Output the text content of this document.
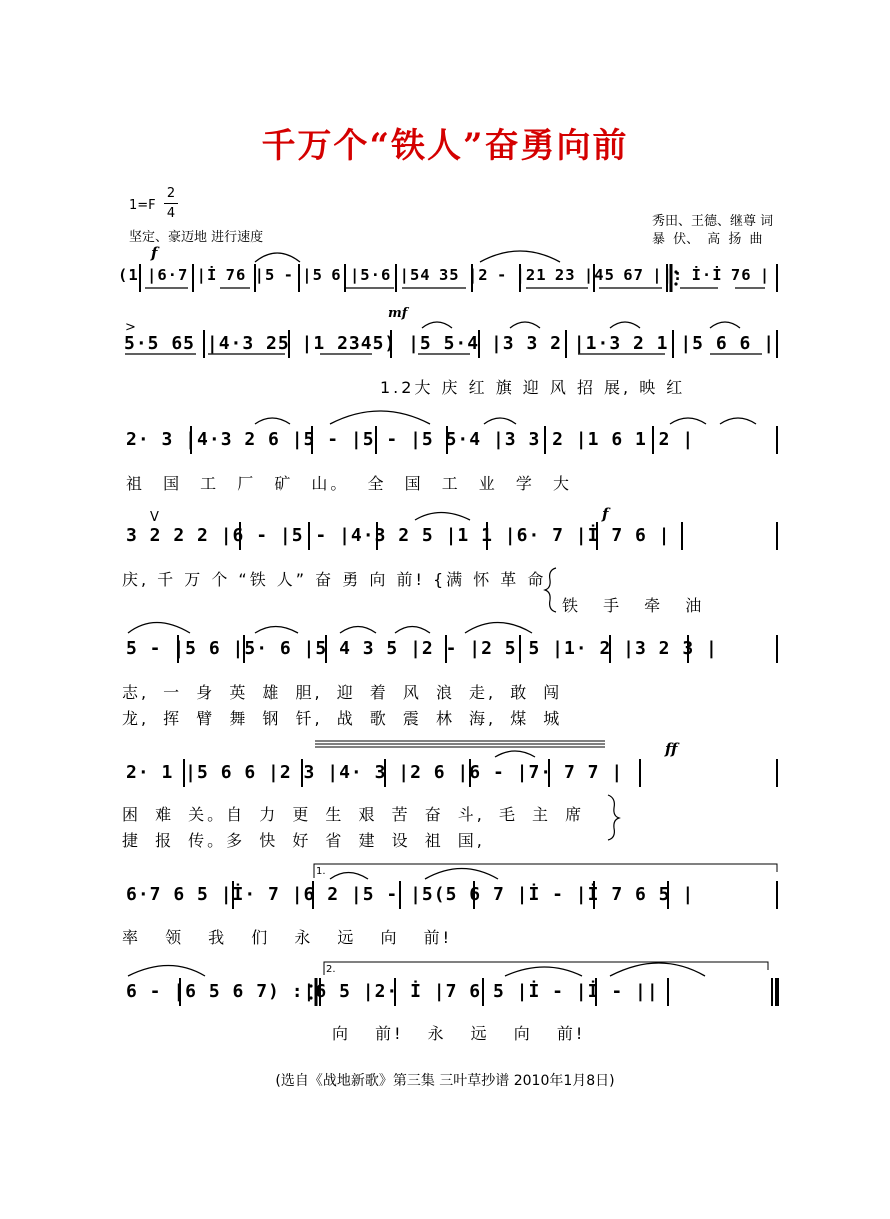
千万个“铁人”奋勇向前
1=F
2
4
坚定、豪迈地 进行速度
秀田、王德、继尊 词
暴 伏、 高 扬 曲
f
mf
f
ff
>
V
1.
2.
(1 |6·7 |İ 76 |5 - |5 6 |5·6 |54 35 |2 - |21 23 |45 67 ||: İ·İ 76 |
5·5 65 |4·3 25 |1 2345) |5 5·4 |3 3 2 |1·3 2 1 |5 6 6 |
1.2大 庆 红 旗 迎 风 招 展, 映 红
2· 3 |4·3 2 6 |5 - |5 - |5 5·4 |3 3 2 |1 6 1 2 |
祖 国 工 厂 矿 山。 全 国 工 业 学 大
3 2 2 2 |6 - |5 - |4·3 2 5 |1 1 |6· 7 |İ 7 6 |
庆, 千 万 个 “铁 人” 奋 勇 向 前! {满 怀 革 命
铁 手 牵 油
5 - |5 6 |5· 6 |5 4 3 5 |2 - |2 5 5 |1· 2 |3 2 3 |
志, 一 身 英 雄 胆, 迎 着 风 浪 走, 敢 闯
龙, 挥 臂 舞 钢 钎, 战 歌 震 林 海, 煤 城
2· 1 |5 6 6 |2 3 |4· 3 |2 6 |6 - |7· 7 7 |
困 难 关。自 力 更 生 艰 苦 奋 斗, 毛 主 席
捷 报 传。多 快 好 省 建 设 祖 国,
6·7 6 5 |İ· 7 |6 2 |5 - |5(5 6 7 |İ - |İ 7 6 5 |
率 领 我 们 永 远 向 前!
6 - |6 5 6 7) :|6 5 |2· İ |7 6 5 |İ - |İ - ||
向 前! 永 远 向 前!
(选自《战地新歌》第三集 三叶草抄谱 2010年1月8日)
